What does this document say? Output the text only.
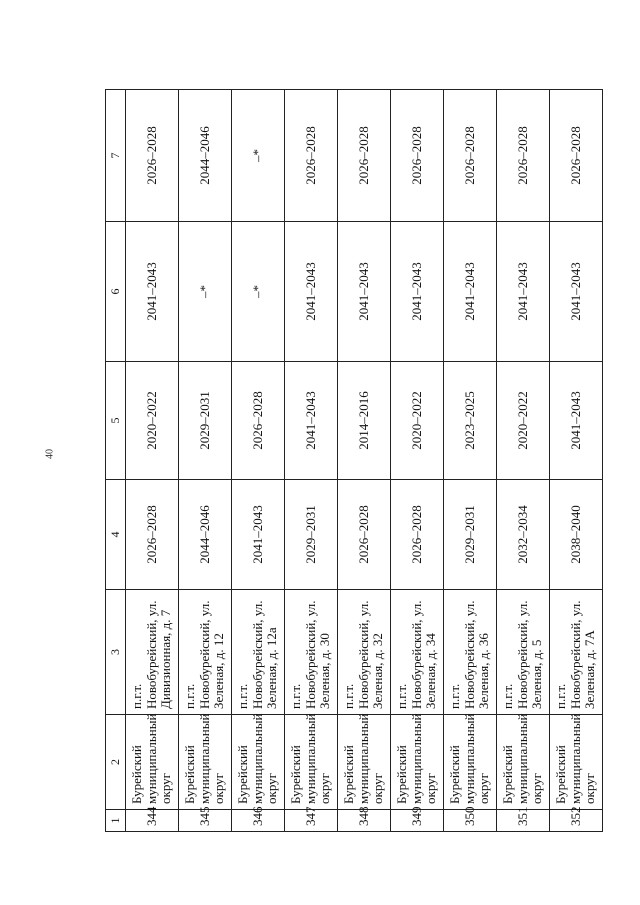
40
1	2	3	4	5	6	7
344	Бурейский муниципальный округ	п.г.т. Новобурейский, ул. Дивизионная, д. 7	2026–2028	2020–2022	2041–2043	2026–2028
345	Бурейский муниципальный округ	п.г.т. Новобурейский, ул. Зеленая, д. 12	2044–2046	2029–2031	–*	2044–2046
346	Бурейский муниципальный округ	п.г.т. Новобурейский, ул. Зеленая, д. 12а	2041–2043	2026–2028	–*	–*
347	Бурейский муниципальный округ	п.г.т. Новобурейский, ул. Зеленая, д. 30	2029–2031	2041–2043	2041–2043	2026–2028
348	Бурейский муниципальный округ	п.г.т. Новобурейский, ул. Зеленая, д. 32	2026–2028	2014–2016	2041–2043	2026–2028
349	Бурейский муниципальный округ	п.г.т. Новобурейский, ул. Зеленая, д. 34	2026–2028	2020–2022	2041–2043	2026–2028
350	Бурейский муниципальный округ	п.г.т. Новобурейский, ул. Зеленая, д. 36	2029–2031	2023–2025	2041–2043	2026–2028
351	Бурейский муниципальный округ	п.г.т. Новобурейский, ул. Зеленая, д. 5	2032–2034	2020–2022	2041–2043	2026–2028
352	Бурейский муниципальный округ	п.г.т. Новобурейский, ул. Зеленая, д. 7А	2038–2040	2041–2043	2041–2043	2026–2028
